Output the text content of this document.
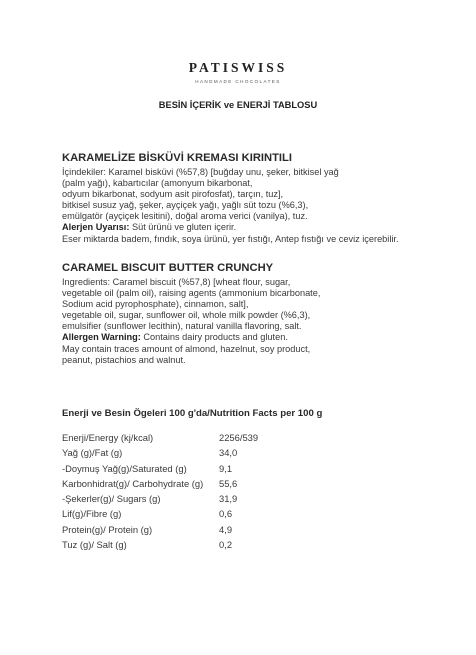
PATISWISS
HANDMADE CHOCOLATES
BESİN İÇERİK ve ENERJİ TABLOSU
KARAMELİZE BİSKÜVİ KREMASI KIRINTILI
İçindekiler: Karamel bisküvi (%57,8) [buğday unu, şeker, bitkisel yağ
(palm yağı), kabartıcılar (amonyum bikarbonat,
odyum bikarbonat, sodyum asit pirofosfat), tarçın, tuz],
bitkisel susuz yağ, şeker, ayçiçek yağı, yağlı süt tozu (%6,3),
emülgatör (ayçiçek lesitini), doğal aroma verici (vanilya), tuz.
Alerjen Uyarısı: Süt ürünü ve gluten içerir.
Eser miktarda badem, fındık, soya ürünü, yer fıstığı, Antep fıstığı ve ceviz içerebilir.
CARAMEL BISCUIT BUTTER CRUNCHY
Ingredients: Caramel biscuit (%57,8) [wheat flour, sugar,
vegetable oil (palm oil), raising agents (ammonium bicarbonate,
Sodium acid pyrophosphate), cinnamon, salt],
vegetable oil, sugar, sunflower oil, whole milk powder (%6,3),
emulsifier (sunflower lecithin), natural vanilla flavoring, salt.
Allergen Warning: Contains dairy products and gluten.
May contain traces amount of almond, hazelnut, soy product,
peanut, pistachios and walnut.
Enerji ve Besin Ögeleri 100 g'da/Nutrition Facts per 100 g
Enerji/Energy (kj/kcal)	2256/539
Yağ (g)/Fat (g)	34,0
-Doymuş Yağ(g)/Saturated (g)	9,1
Karbonhidrat(g)/ Carbohydrate (g) 55,6
-Şekerler(g)/ Sugars (g)	31,9
Lif(g)/Fibre (g)	0,6
Protein(g)/ Protein (g)	4,9
Tuz (g)/ Salt (g)	0,2
